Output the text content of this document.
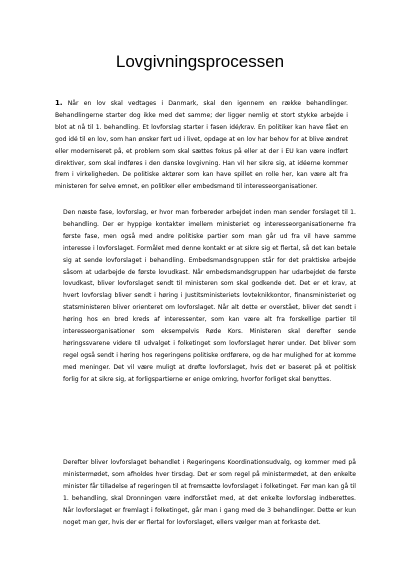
Lovgivningsprocessen

1. Når en lov skal vedtages i Danmark, skal den igennem en række behandlinger. Behandlingerne starter dog ikke med det samme; der ligger nemlig et stort stykke arbejde i blot at nå til 1. behandling. Et lovforslag starter i fasen idé/krav. En politiker kan have fået en god idé til en lov, som han ønsker ført ud i livet, opdage at en lov har behov for at blive ændret eller moderniseret på, et problem som skal sættes fokus på eller at der i EU kan være indført direktiver, som skal indføres i den danske lovgivning. Han vil her sikre sig, at idéerne kommer frem i virkeligheden. De politiske aktører som kan have spillet en rolle her, kan være alt fra ministeren for selve emnet, en politiker eller embedsmand til interesseorganisationer.

Den næste fase, lovforslag, er hvor man forbereder arbejdet inden man sender forslaget til 1. behandling. Der er hyppige kontakter imellem ministeriet og interesseorganisationerne fra første fase, men også med andre politiske partier som man går ud fra vil have samme interesse i lovforslaget. Formålet med denne kontakt er at sikre sig et flertal, så det kan betale sig at sende lovforslaget i behandling. Embedsmandsgruppen står for det praktiske arbejde såsom at udarbejde de første lovudkast. Når embedsmandsgruppen har udarbejdet de første lovudkast, bliver lovforslaget sendt til ministeren som skal godkende det. Det er et krav, at hvert lovforslag bliver sendt i høring i Justitsministeriets lovteknikkontor, finansministeriet og statsministeren bliver orienteret om lovforslaget. Når alt dette er overstået, bliver det sendt i høring hos en bred kreds af interessenter, som kan være alt fra forskellige partier til interesseorganisationer som eksempelvis Røde Kors. Ministeren skal derefter sende høringssvarene videre til udvalget i folketinget som lovforslaget hører under. Det bliver som regel også sendt i høring hos regeringens politiske ordførere, og de har mulighed for at komme med meninger. Det vil være muligt at drøfte lovforslaget, hvis det er baseret på et politisk forlig for at sikre sig, at forligspartierne er enige omkring, hvorfor forliget skal benyttes.

Derefter bliver lovforslaget behandlet i Regeringens Koordinationsudvalg, og kommer med på ministermødet, som afholdes hver tirsdag. Det er som regel på ministermødet, at den enkelte minister får tilladelse af regeringen til at fremsætte lovforslaget i folketinget. Før man kan gå til 1. behandling, skal Dronningen være indforstået med, at det enkelte lovforslag indberettes. Når lovforslaget er fremlagt i folketinget, går man i gang med de 3 behandlinger. Dette er kun noget man gør, hvis der er flertal for lovforslaget, ellers vælger man at forkaste det.
